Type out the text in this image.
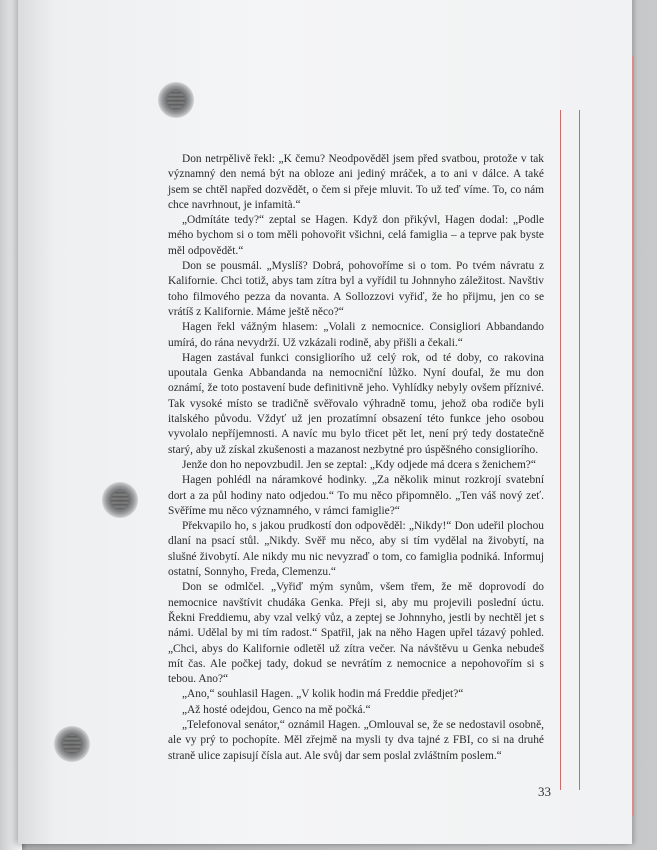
Don netrpělivě řekl: „K čemu? Neodpověděl jsem před svatbou, protože v tak významný den nemá být na obloze ani jediný mráček, a to ani v dálce. A také jsem se chtěl napřed dozvědět, o čem si přeje mluvit. To už teď víme. To, co nám chce navrhnout, je infamità.“

„Odmítáte tedy?“ zeptal se Hagen. Když don přikývl, Hagen dodal: „Podle mého bychom si o tom měli pohovořit všichni, celá famiglia – a teprve pak byste měl odpovědět.“

Don se pousmál. „Myslíš? Dobrá, pohovoříme si o tom. Po tvém návratu z Kalifornie. Chci totiž, abys tam zítra byl a vyřídil tu Johnnyho záležitost. Navštiv toho filmového pezza da novanta. A Sollozzovi vyřiď, že ho přijmu, jen co se vrátíš z Kalifornie. Máme ještě něco?“

Hagen řekl vážným hlasem: „Volali z nemocnice. Consigliori Abbandando umírá, do rána nevydrží. Už vzkázali rodině, aby přišli a čekali.“

Hagen zastával funkci consigliorího už celý rok, od té doby, co rakovina upoutala Genka Abbandanda na nemocniční lůžko. Nyní doufal, že mu don oznámí, že toto postavení bude definitivně jeho. Vyhlídky nebyly ovšem příznivé. Tak vysoké místo se tradičně svěřovalo výhradně tomu, jehož oba rodiče byli italského původu. Vždyť už jen prozatímní obsazení této funkce jeho osobou vyvolalo nepříjemnosti. A navíc mu bylo třicet pět let, není prý tedy dostatečně starý, aby už získal zkušenosti a mazanost nezbytné pro úspěšného consigliorího.

Jenže don ho nepovzbudil. Jen se zeptal: „Kdy odjede má dcera s ženichem?“

Hagen pohlédl na náramkové hodinky. „Za několik minut rozkrojí svatební dort a za půl hodiny nato odjedou.“ To mu něco připomnělo. „Ten váš nový zeť. Svěříme mu něco významného, v rámci famiglie?“

Překvapilo ho, s jakou prudkostí don odpověděl: „Nikdy!“ Don udeřil plochou dlaní na psací stůl. „Nikdy. Svěř mu něco, aby si tím vydělal na živobytí, na slušné živobytí. Ale nikdy mu nic nevyzraď o tom, co famiglia podniká. Informuj ostatní, Sonnyho, Freda, Clemenzu.“

Don se odmlčel. „Vyřiď mým synům, všem třem, že mě doprovodí do nemocnice navštívit chudáka Genka. Přeji si, aby mu projevili poslední úctu. Řekni Freddiemu, aby vzal velký vůz, a zeptej se Johnnyho, jestli by nechtěl jet s námi. Udělal by mi tím radost.“ Spatřil, jak na něho Hagen upřel tázavý pohled. „Chci, abys do Kalifornie odletěl už zítra večer. Na návštěvu u Genka nebudeš mít čas. Ale počkej tady, dokud se nevrátím z nemocnice a nepohovořím si s tebou. Ano?“

„Ano,“ souhlasil Hagen. „V kolik hodin má Freddie předjet?“

„Až hosté odejdou, Genco na mě počká.“

„Telefonoval senátor,“ oznámil Hagen. „Omlouval se, že se nedostavil osobně, ale vy prý to pochopíte. Měl zřejmě na mysli ty dva tajné z FBI, co si na druhé straně ulice zapisují čísla aut. Ale svůj dar sem poslal zvláštním poslem.“

33
